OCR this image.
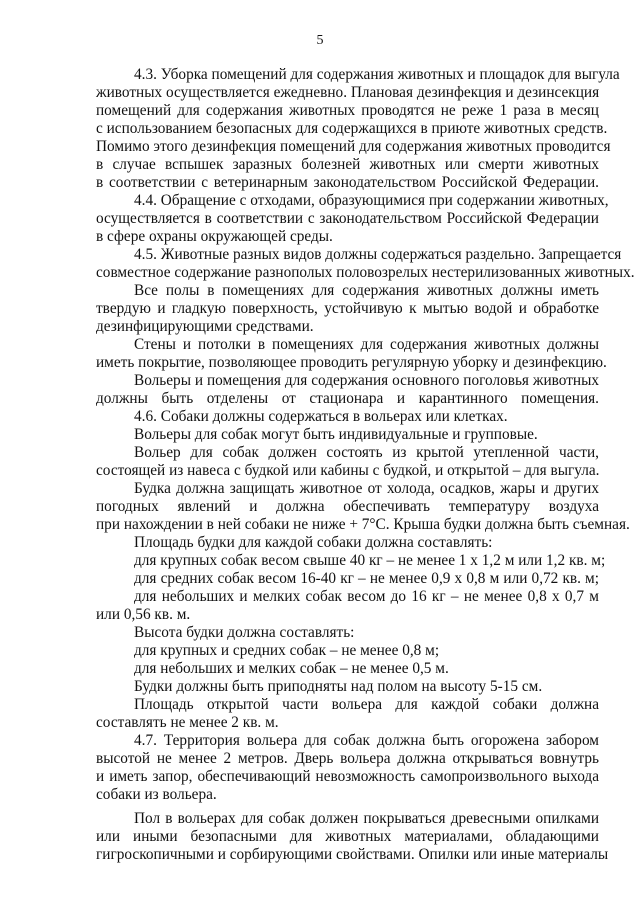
5
4.3. Уборка помещений для содержания животных и площадок для выгула
животных осуществляется ежедневно. Плановая дезинфекция и дезинсекция
помещений для содержания животных проводятся не реже 1 раза в месяц
с использованием безопасных для содержащихся в приюте животных средств.
Помимо этого дезинфекция помещений для содержания животных проводится
в случае вспышек заразных болезней животных или смерти животных
в соответствии с ветеринарным законодательством Российской Федерации.
4.4. Обращение с отходами, образующимися при содержании животных,
осуществляется в соответствии с законодательством Российской Федерации
в сфере охраны окружающей среды.
4.5. Животные разных видов должны содержаться раздельно. Запрещается
совместное содержание разнополых половозрелых нестерилизованных животных.
Все полы в помещениях для содержания животных должны иметь
твердую и гладкую поверхность, устойчивую к мытью водой и обработке
дезинфицирующими средствами.
Стены и потолки в помещениях для содержания животных должны
иметь покрытие, позволяющее проводить регулярную уборку и дезинфекцию.
Вольеры и помещения для содержания основного поголовья животных
должны быть отделены от стационара и карантинного помещения.
4.6. Собаки должны содержаться в вольерах или клетках.
Вольеры для собак могут быть индивидуальные и групповые.
Вольер для собак должен состоять из крытой утепленной части,
состоящей из навеса с будкой или кабины с будкой, и открытой – для выгула.
Будка должна защищать животное от холода, осадков, жары и других
погодных явлений и должна обеспечивать температуру воздуха
при нахождении в ней собаки не ниже + 7°С. Крыша будки должна быть съемная.
Площадь будки для каждой собаки должна составлять:
для крупных собак весом свыше 40 кг – не менее 1 х 1,2 м или 1,2 кв. м;
для средних собак весом 16-40 кг – не менее 0,9 х 0,8 м или 0,72 кв. м;
для небольших и мелких собак весом до 16 кг – не менее 0,8 х 0,7 м
или 0,56 кв. м.
Высота будки должна составлять:
для крупных и средних собак – не менее 0,8 м;
для небольших и мелких собак – не менее 0,5 м.
Будки должны быть приподняты над полом на высоту 5-15 см.
Площадь открытой части вольера для каждой собаки должна
составлять не менее 2 кв. м.
4.7. Территория вольера для собак должна быть огорожена забором
высотой не менее 2 метров. Дверь вольера должна открываться вовнутрь
и иметь запор, обеспечивающий невозможность самопроизвольного выхода
собаки из вольера.
Пол в вольерах для собак должен покрываться древесными опилками
или иными безопасными для животных материалами, обладающими
гигроскопичными и сорбирующими свойствами. Опилки или иные материалы
